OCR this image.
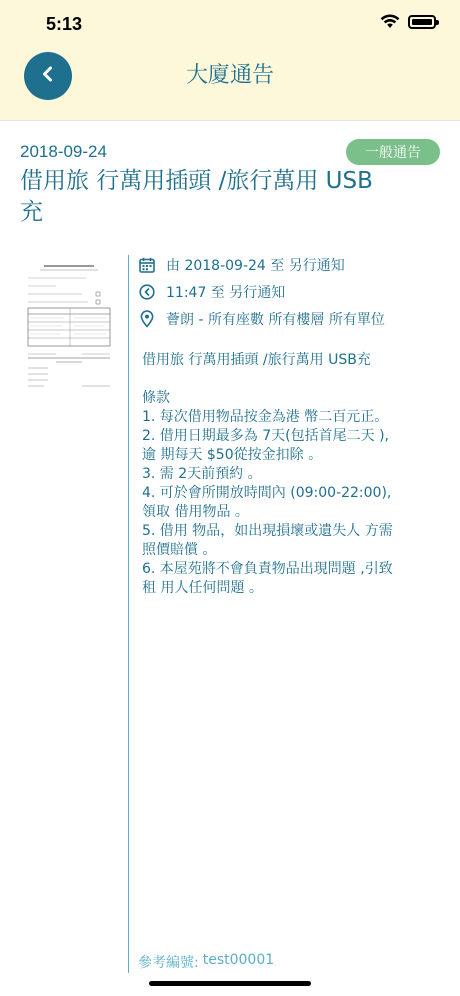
5:13
大廈通告
2018-09-24	一般通告
借用旅 行萬用插頭 /旅行萬用 USB充
由 2018-09-24 至 另行通知
11:47 至 另行通知
薈朗 - 所有座數 所有樓層 所有單位
借用旅 行萬用插頭 /旅行萬用 USB充

條款
1. 每次借用物品按金為港 幣二百元正。
2. 借用日期最多為 7天(包括首尾二天 ),
逾 期每天 $50從按金扣除 。
3. 需 2天前預約 。
4. 可於會所開放時間內 (09:00-22:00),
領取 借用物品 。
5. 借用 物品，如出現損壞或遺失人 方需
照價賠償 。
6. 本屋苑將不會負責物品出現問題 ,引致
租 用人任何問題 。
參考編號: test00001
